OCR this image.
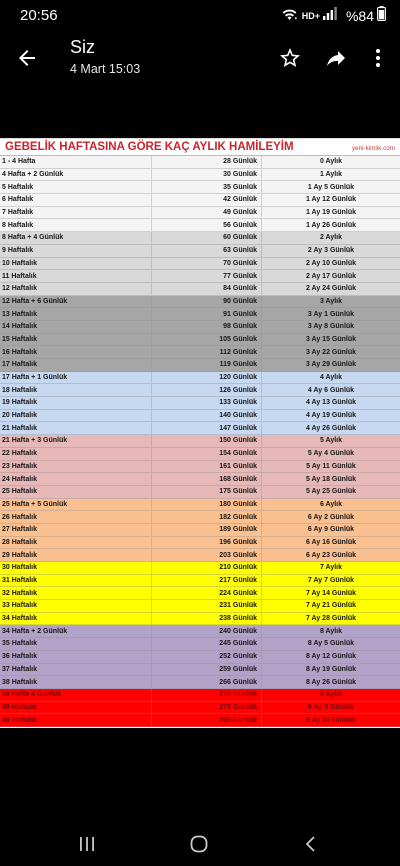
20:56	HD+ %84
Siz
4 Mart 15:03
GEBELİK HAFTASINA GÖRE KAÇ AYLIK HAMİLEYİM	yeni-kimlik.com
1 - 4 Hafta	28 Günlük	0 Aylık
4 Hafta + 2 Günlük	30 Günlük	1 Aylık
5 Haftalık	35 Günlük	1 Ay 5 Günlük
6 Haftalık	42 Günlük	1 Ay 12 Günlük
7 Haftalık	49 Günlük	1 Ay 19 Günlük
8 Haftalık	56 Günlük	1 Ay 26 Günlük
8 Hafta + 4 Günlük	60 Günlük	2 Aylık
9 Haftalık	63 Günlük	2 Ay 3 Günlük
10 Haftalık	70 Günlük	2 Ay 10 Günlük
11 Haftalık	77 Günlük	2 Ay 17 Günlük
12 Haftalık	84 Günlük	2 Ay 24 Günlük
12 Hafta + 6 Günlük	90 Günlük	3 Aylık
13 Haftalık	91 Günlük	3 Ay 1 Günlük
14 Haftalık	98 Günlük	3 Ay 8 Günlük
15 Haftalık	105 Günlük	3 Ay 15 Günlük
16 Haftalık	112 Günlük	3 Ay 22 Günlük
17 Haftalık	119 Günlük	3 Ay 29 Günlük
17 Hafta + 1 Günlük	120 Günlük	4 Aylık
18 Haftalık	126 Günlük	4 Ay 6 Günlük
19 Haftalık	133 Günlük	4 Ay 13 Günlük
20 Haftalık	140 Günlük	4 Ay 19 Günlük
21 Haftalık	147 Günlük	4 Ay 26 Günlük
21 Hafta + 3 Günlük	150 Günlük	5 Aylık
22 Haftalık	154 Günlük	5 Ay 4 Günlük
23 Haftalık	161 Günlük	5 Ay 11 Günlük
24 Haftalık	168 Günlük	5 Ay 18 Günlük
25 Haftalık	175 Günlük	5 Ay 25 Günlük
25 Hafta + 5 Günlük	180 Günlük	6 Aylık
26 Haftalık	182 Günlük	6 Ay 2 Günlük
27 Haftalık	189 Günlük	6 Ay 9 Günlük
28 Haftalık	196 Günlük	6 Ay 16 Günlük
29 Haftalık	203 Günlük	6 Ay 23 Günlük
30 Haftalık	210 Günlük	7 Aylık
31 Haftalık	217 Günlük	7 Ay 7 Günlük
32 Haftalık	224 Günlük	7 Ay 14 Günlük
33 Haftalık	231 Günlük	7 Ay 21 Günlük
34 Haftalık	238 Günlük	7 Ay 28 Günlük
34 Hafta + 2 Günlük	240 Günlük	8 Aylık
35 Haftalık	245 Günlük	8 Ay 5 Günlük
36 Haftalık	252 Günlük	8 Ay 12 Günlük
37 Haftalık	259 Günlük	8 Ay 19 Günlük
38 Haftalık	266 Günlük	8 Ay 26 Günlük
38 Hafta 4 Günlük	270 Günlük	9 Aylık
39 Haftalık	273 Günlük	9 Ay 3 Günlük
40 Haftalık	280 Günlük	9 Ay 10 Günlük
